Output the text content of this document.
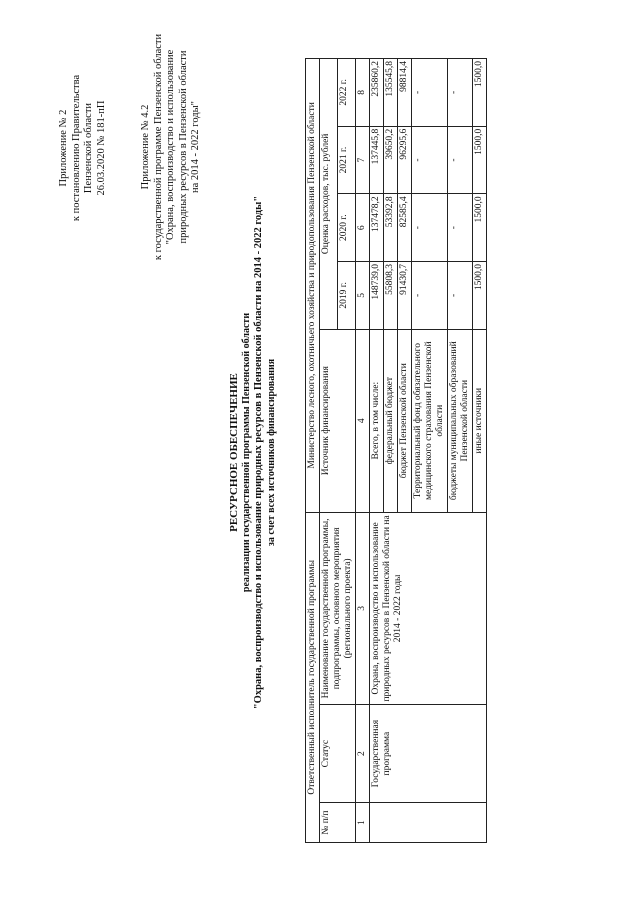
Приложение № 2 к постановлению Правительства Пензенской области 26.03.2020 № 181-пП	Приложение № 4.2 к государственной программе Пензенской области "Охрана, воспроизводство и использование природных ресурсов в Пензенской области на 2014 - 2022 годы"
РЕСУРСНОЕ ОБЕСПЕЧЕНИЕ реализации государственной программы Пензенской области "Охрана, воспроизводство и использование природных ресурсов в Пензенской области на 2014 - 2022 годы" за счет всех источников финансирования
Ответственный исполнитель государственной программы			Министерство лесного, охотничьего хозяйства и природопользования Пензенской области				
№ п/п	Статус	Наименование государственной программы, подпрограммы, основного мероприятия (регионального проекта)	Источник финансирования	Оценка расходов, тыс. рублей			
				2019 г.	2020 г.	2021 г.	2022 г.
1	2	3	4	5	6	7	8
	Государственная программа	Охрана, воспроизводство и использование природных ресурсов в Пензенской области на 2014 - 2022 годы	Всего, в том числе:	148739,0	137478,2	137445,8	235860,2
			федеральный бюджет	55808,3	53392,8	39650,2	135545,8
			бюджет Пензенской области	91430,7	82585,4	96295,6	98814,4
			Территориальный фонд обязательного медицинского страхования Пензенской области	-	-	-	-
			бюджеты муниципальных образований Пензенской области	-	-	-	-
			иные источники	1500,0	1500,0	1500,0	1500,0
